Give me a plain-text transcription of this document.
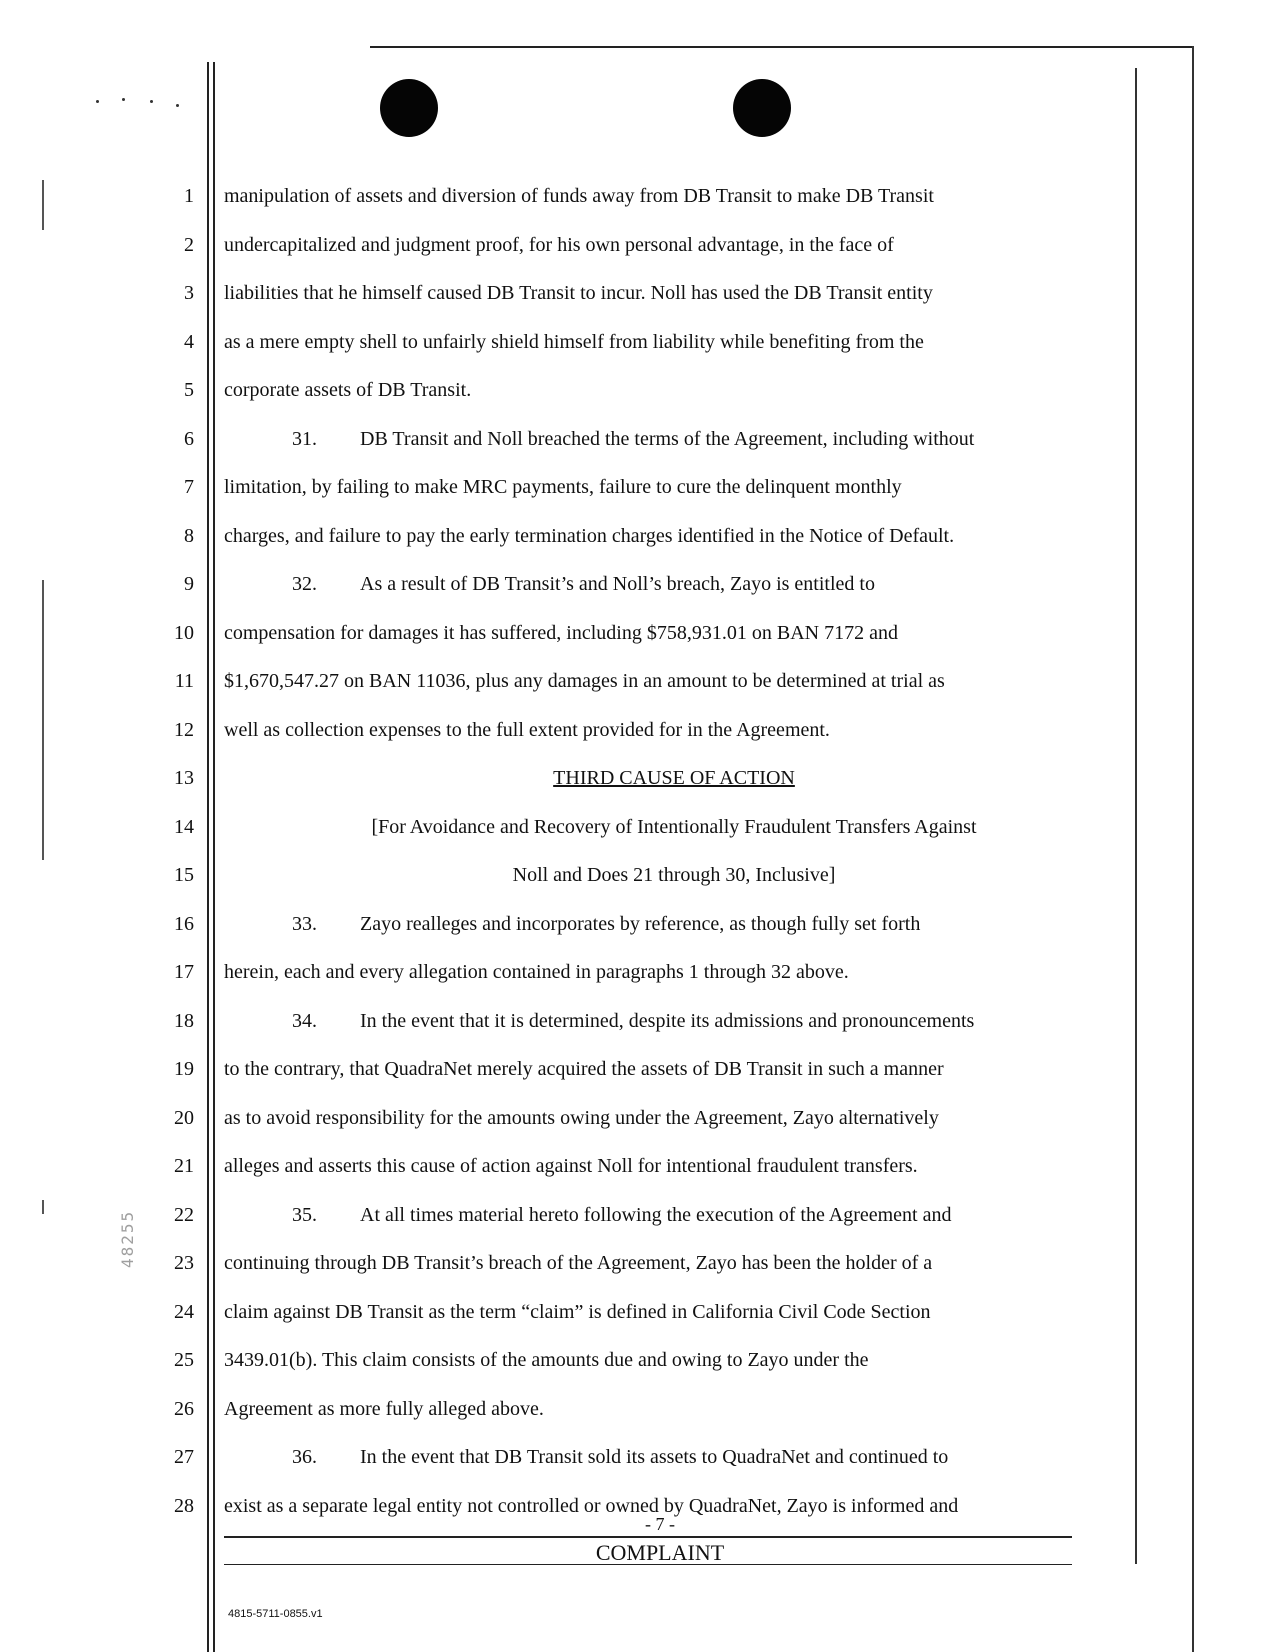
1 manipulation of assets and diversion of funds away from DB Transit to make DB Transit
2 undercapitalized and judgment proof, for his own personal advantage, in the face of
3 liabilities that he himself caused DB Transit to incur. Noll has used the DB Transit entity
4 as a mere empty shell to unfairly shield himself from liability while benefiting from the
5 corporate assets of DB Transit.
6	31. DB Transit and Noll breached the terms of the Agreement, including without
7 limitation, by failing to make MRC payments, failure to cure the delinquent monthly
8 charges, and failure to pay the early termination charges identified in the Notice of Default.
9	32. As a result of DB Transit’s and Noll’s breach, Zayo is entitled to
10 compensation for damages it has suffered, including $758,931.01 on BAN 7172 and
11 $1,670,547.27 on BAN 11036, plus any damages in an amount to be determined at trial as
12 well as collection expenses to the full extent provided for in the Agreement.
13	THIRD CAUSE OF ACTION
14	[For Avoidance and Recovery of Intentionally Fraudulent Transfers Against
15	Noll and Does 21 through 30, Inclusive]
16	33. Zayo realleges and incorporates by reference, as though fully set forth
17 herein, each and every allegation contained in paragraphs 1 through 32 above.
18	34. In the event that it is determined, despite its admissions and pronouncements
19 to the contrary, that QuadraNet merely acquired the assets of DB Transit in such a manner
20 as to avoid responsibility for the amounts owing under the Agreement, Zayo alternatively
21 alleges and asserts this cause of action against Noll for intentional fraudulent transfers.
22	35. At all times material hereto following the execution of the Agreement and
23 continuing through DB Transit’s breach of the Agreement, Zayo has been the holder of a
24 claim against DB Transit as the term “claim” is defined in California Civil Code Section
25 3439.01(b). This claim consists of the amounts due and owing to Zayo under the
26 Agreement as more fully alleged above.
27	36. In the event that DB Transit sold its assets to QuadraNet and continued to
28 exist as a separate legal entity not controlled or owned by QuadraNet, Zayo is informed and
48255
- 7 -
COMPLAINT
4815-5711-0855.v1
